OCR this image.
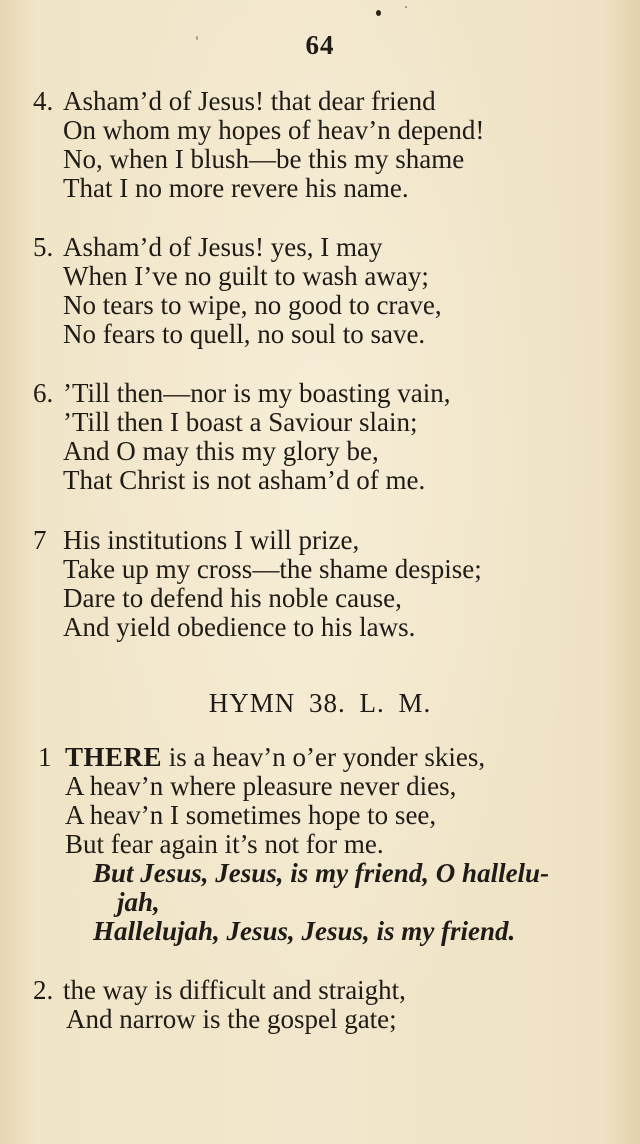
64
4. Asham’d of Jesus! that dear friend
On whom my hopes of heav’n depend!
No, when I blush—be this my shame
That I no more revere his name.
5. Asham’d of Jesus! yes, I may
When I’ve no guilt to wash away;
No tears to wipe, no good to crave,
No fears to quell, no soul to save.
6. ’Till then—nor is my boasting vain,
’Till then I boast a Saviour slain;
And O may this my glory be,
That Christ is not asham’d of me.
7 His institutions I will prize,
Take up my cross—the shame despise;
Dare to defend his noble cause,
And yield obedience to his laws.
HYMN 38. L. M.
1 THERE is a heav’n o’er yonder skies,
A heav’n where pleasure never dies,
A heav’n I sometimes hope to see,
But fear again it’s not for me.
But Jesus, Jesus, is my friend, O hallelu-
jah,
Hallelujah, Jesus, Jesus, is my friend.
2. the way is difficult and straight,
And narrow is the gospel gate;
